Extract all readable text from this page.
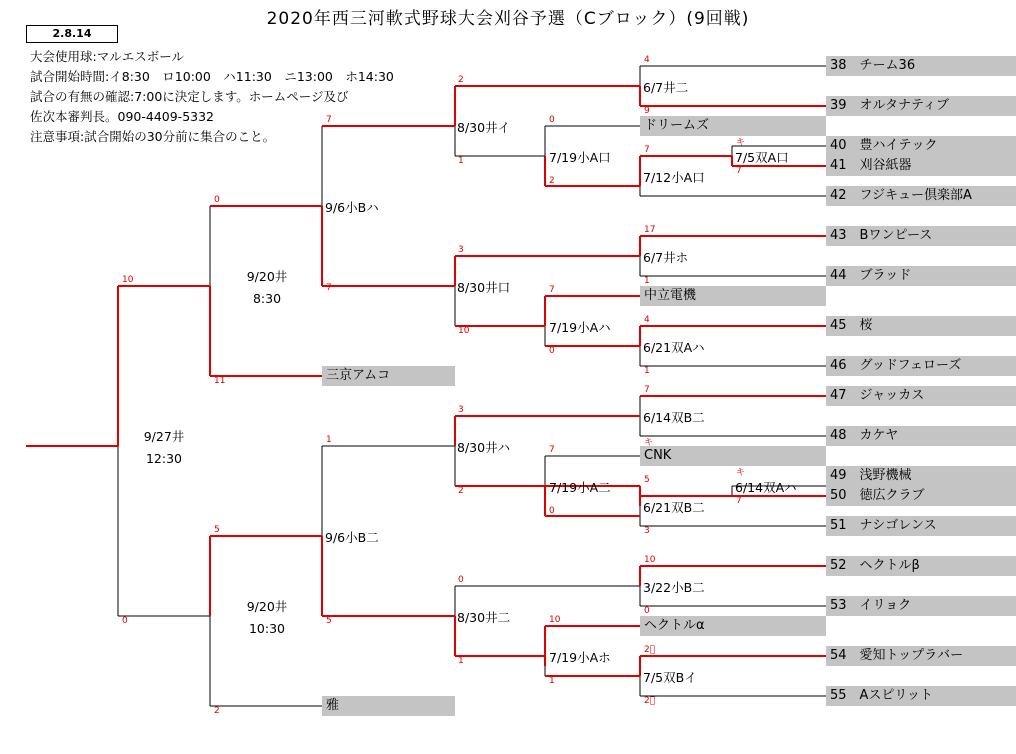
2020年西三河軟式野球大会刈谷予選（Cブロック）(9回戦)
2.8.14
大会使用球:マルエスボール
試合開始時間:イ8:30　ロ10:00　ハ11:30　ニ13:00　ホ14:30
試合の有無の確認:7:00に決定します。ホームページ及び
佐次本審判長。090-4409-5332
注意事項:試合開始の30分前に集合のこと。
38　チーム36
39　オルタナティブ
40　豊ハイテック
41　刈谷紙器
42　フジキュー倶楽部A
43　Bワンピース
44　ブラッド
45　桜
46　グッドフェローズ
47　ジャッカス
48　カケヤ
49　浅野機械
50　徳広クラブ
51　ナシゴレンス
52　ヘクトルβ
53　イリョク
54　愛知トップラバー
55　Aスピリット
ドリームズ
中立電機
CNK
ヘクトルα
三京アムコ
雅
6/7井二
7/5双A口
7/12小A口
7/19小A口
8/30井イ
6/7井ホ
6/21双Aハ
7/19小Aハ
8/30井口
9/6小Bハ
6/14双B二
6/14双Aハ
6/21双B二
7/19小A二
8/30井ハ
3/22小B二
7/5双Bイ
7/19小Aホ
8/30井二
9/6小B二
9/20井
8:30
9/20井
10:30
9/27井
12:30
4
9
キ
7
7
0
2
7
1
2
0
17
1
4
1
7
0
3
10
7
キ
11
10
7
キ
5
7
3
7
0
3
2
10
0
2⃝
2⃝
10
1
0
1
1
5
5
0
2
